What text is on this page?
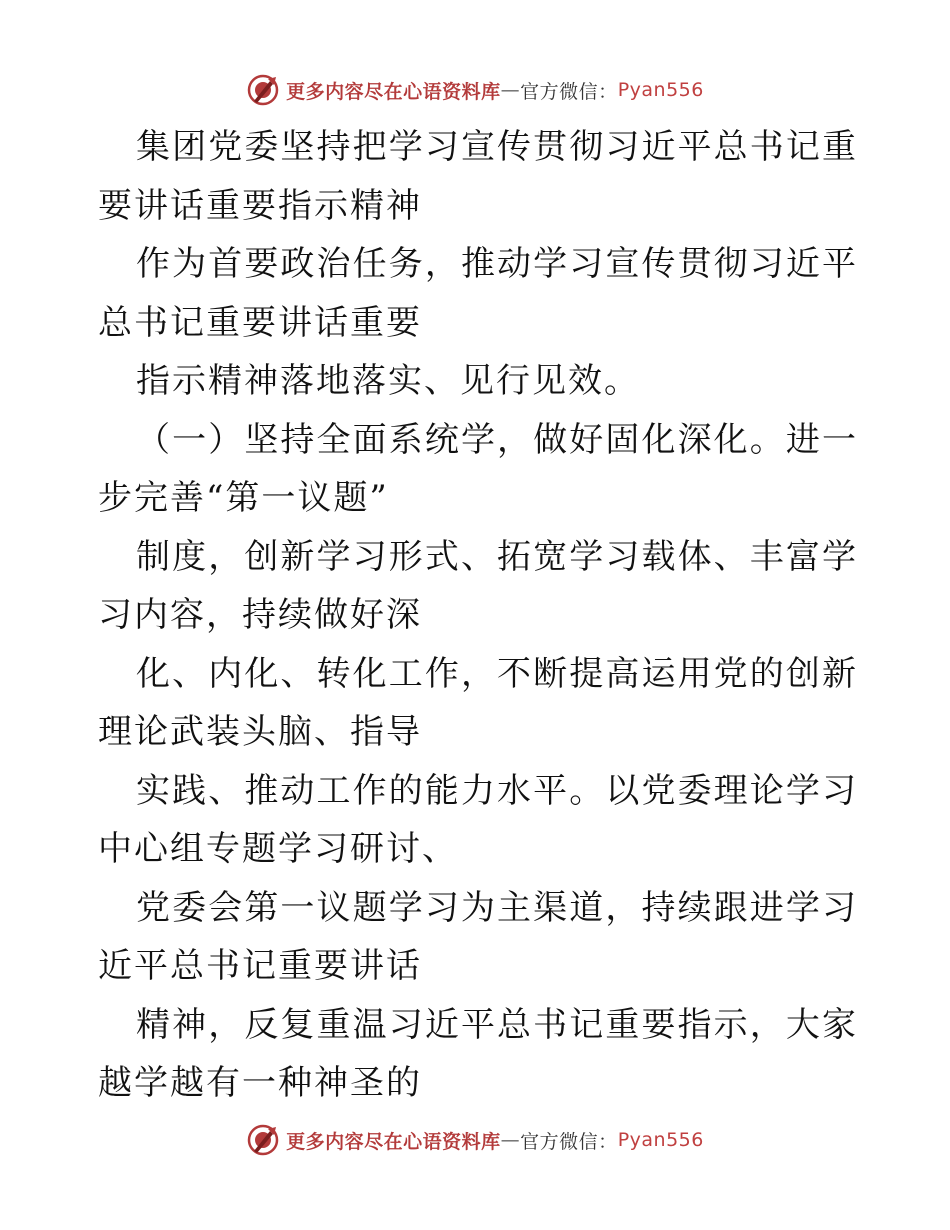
更多内容尽在心语资料库 — 官方微信： Pyan556

集团党委坚持把学习宣传贯彻习近平总书记重要讲话重要指示精神

作为首要政治任务，推动学习宣传贯彻习近平总书记重要讲话重要

指示精神落地落实、见行见效。

（一）坚持全面系统学，做好固化深化。进一步完善“第一议题”

制度，创新学习形式、拓宽学习载体、丰富学习内容，持续做好深

化、内化、转化工作，不断提高运用党的创新理论武装头脑、指导

实践、推动工作的能力水平。以党委理论学习中心组专题学习研讨、

党委会第一议题学习为主渠道，持续跟进学习近平总书记重要讲话

精神，反复重温习近平总书记重要指示，大家越学越有一种神圣的

更多内容尽在心语资料库 — 官方微信： Pyan556
